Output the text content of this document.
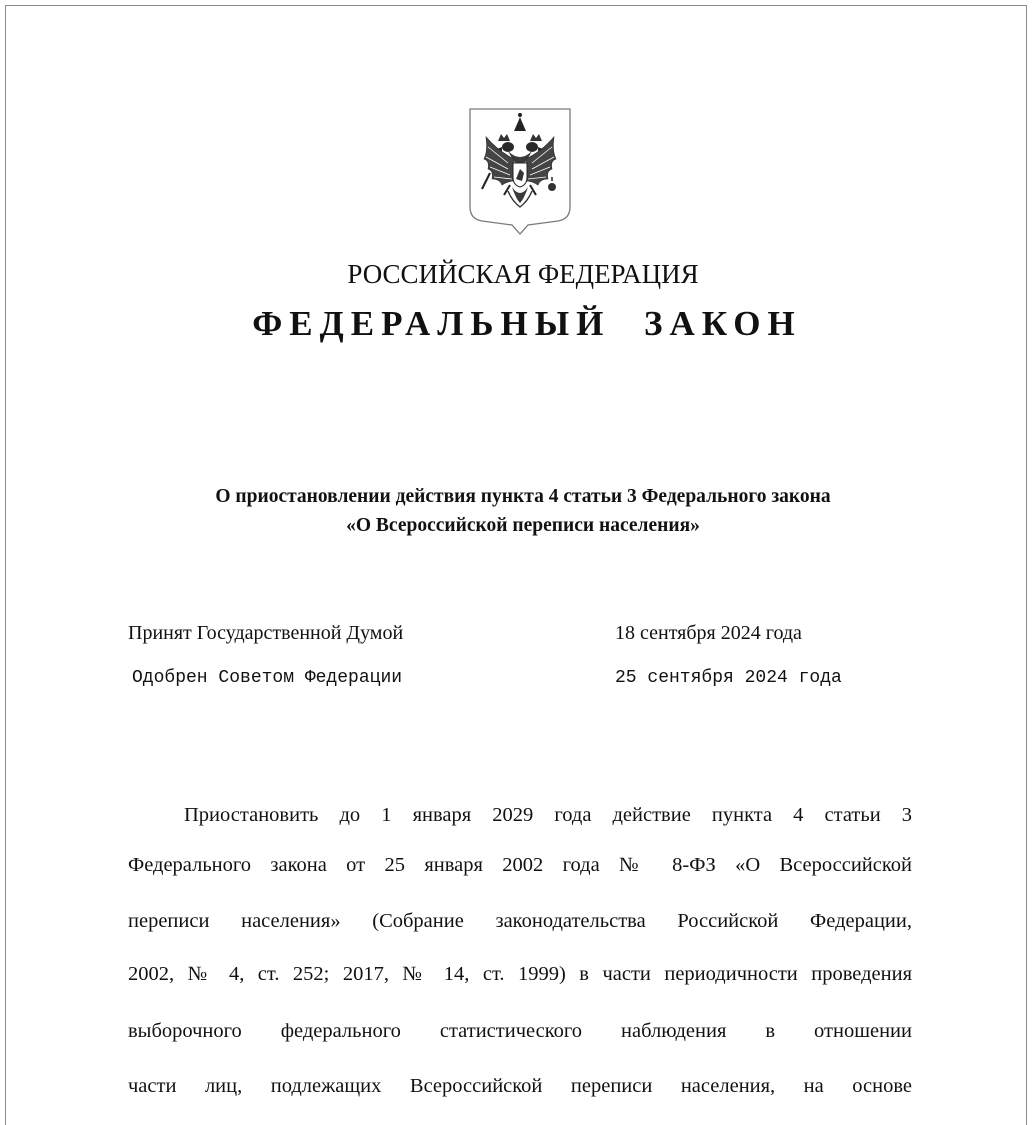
РОССИЙСКАЯ ФЕДЕРАЦИЯ
ФЕДЕРАЛЬНЫЙ ЗАКОН
О приостановлении действия пункта 4 статьи 3 Федерального закона
«О Всероссийской переписи населения»
Принят Государственной Думой	18 сентября 2024 года
Одобрен Советом Федерации	25 сентября 2024 года
Приостановить до 1 января 2029 года действие пункта 4 статьи 3
Федерального закона от 25 января 2002 года № 8-ФЗ «О Всероссийской
переписи населения» (Собрание законодательства Российской Федерации,
2002, № 4, ст. 252; 2017, № 14, ст. 1999) в части периодичности проведения
выборочного федерального статистического наблюдения в отношении
части лиц, подлежащих Всероссийской переписи населения, на основе
